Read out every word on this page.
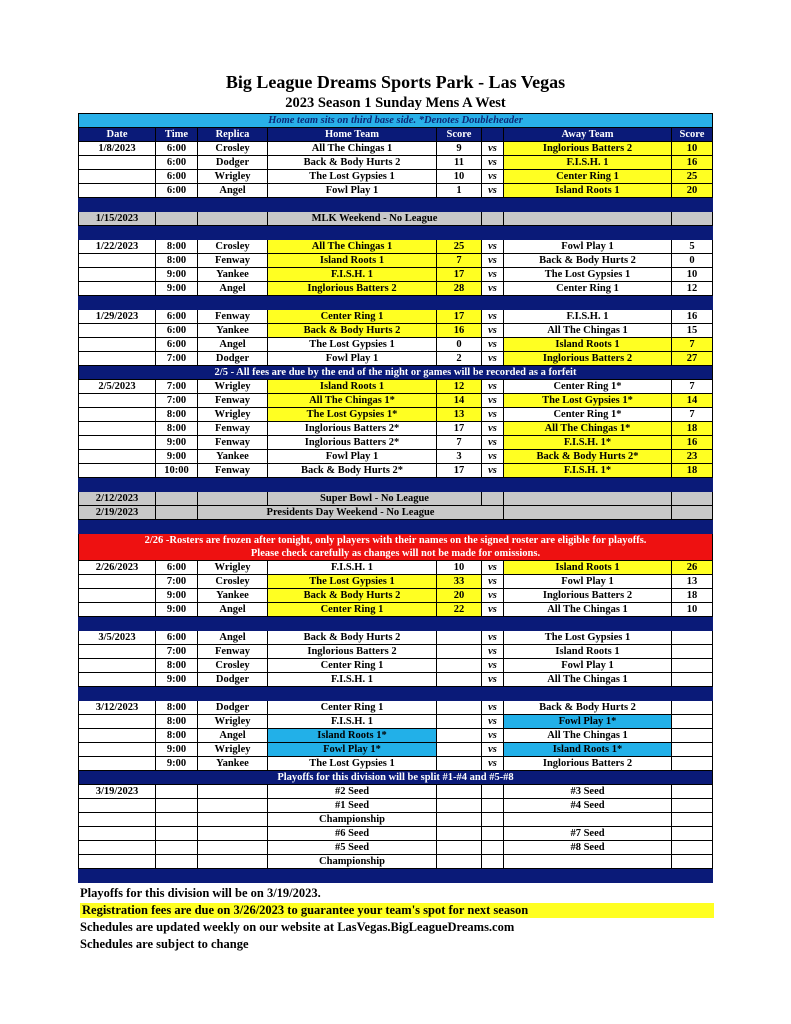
Big League Dreams Sports Park - Las Vegas
2023 Season 1 Sunday Mens A West
Home team sits on third base side. *Denotes Doubleheader							
Date	Time	Replica	Home Team	Score		Away Team	Score
1/8/2023	6:00	Crosley	All The Chingas 1	9	vs	Inglorious Batters 2	10
	6:00	Dodger	Back & Body Hurts 2	11	vs	F.I.S.H. 1	16
	6:00	Wrigley	The Lost Gypsies 1	10	vs	Center Ring 1	25
	6:00	Angel	Fowl Play 1	1	vs	Island Roots 1	20

1/15/2023			MLK Weekend - No League				

1/22/2023	8:00	Crosley	All The Chingas 1	25	vs	Fowl Play 1	5
	8:00	Fenway	Island Roots 1	7	vs	Back & Body Hurts 2	0
	9:00	Yankee	F.I.S.H. 1	17	vs	The Lost Gypsies 1	10
	9:00	Angel	Inglorious Batters 2	28	vs	Center Ring 1	12

1/29/2023	6:00	Fenway	Center Ring 1	17	vs	F.I.S.H. 1	16
	6:00	Yankee	Back & Body Hurts 2	16	vs	All The Chingas 1	15
	6:00	Angel	The Lost Gypsies 1	0	vs	Island Roots 1	7
	7:00	Dodger	Fowl Play 1	2	vs	Inglorious Batters 2	27
2/5 - All fees are due by the end of the night or games will be recorded as a forfeit							
2/5/2023	7:00	Wrigley	Island Roots 1	12	vs	Center Ring 1*	7
	7:00	Fenway	All The Chingas 1*	14	vs	The Lost Gypsies 1*	14
	8:00	Wrigley	The Lost Gypsies 1*	13	vs	Center Ring 1*	7
	8:00	Fenway	Inglorious Batters 2*	17	vs	All The Chingas 1*	18
	9:00	Fenway	Inglorious Batters 2*	7	vs	F.I.S.H. 1*	16
	9:00	Yankee	Fowl Play 1	3	vs	Back & Body Hurts 2*	23
	10:00	Fenway	Back & Body Hurts 2*	17	vs	F.I.S.H. 1*	18

2/12/2023			Super Bowl - No League				
2/19/2023		Presidents Day Weekend - No League					

2/26 -Rosters are frozen after tonight, only players with their names on the signed roster are eligible for playoffs.
Please check carefully as changes will not be made for omissions.							

2/26/2023	6:00	Wrigley	F.I.S.H. 1	10	vs	Island Roots 1	26
	7:00	Crosley	The Lost Gypsies 1	33	vs	Fowl Play 1	13
	9:00	Yankee	Back & Body Hurts 2	20	vs	Inglorious Batters 2	18
	9:00	Angel	Center Ring 1	22	vs	All The Chingas 1	10

3/5/2023	6:00	Angel	Back & Body Hurts 2		vs	The Lost Gypsies 1	
	7:00	Fenway	Inglorious Batters 2		vs	Island Roots 1	
	8:00	Crosley	Center Ring 1		vs	Fowl Play 1	
	9:00	Dodger	F.I.S.H. 1		vs	All The Chingas 1	

3/12/2023	8:00	Dodger	Center Ring 1		vs	Back & Body Hurts 2	
	8:00	Wrigley	F.I.S.H. 1		vs	Fowl Play 1*	
	8:00	Angel	Island Roots 1*		vs	All The Chingas 1	
	9:00	Wrigley	Fowl Play 1*		vs	Island Roots 1*	
	9:00	Yankee	The Lost Gypsies 1		vs	Inglorious Batters 2	
Playoffs for this division will be split #1-#4 and #5-#8							
3/19/2023			#2 Seed			#3 Seed	
			#1 Seed			#4 Seed	
			Championship				
			#6 Seed			#7 Seed	
			#5 Seed			#8 Seed	
			Championship				

Playoffs for this division will be on 3/19/2023.
Registration fees are due on 3/26/2023 to guarantee your team's spot for next season
Schedules are updated weekly on our website at LasVegas.BigLeagueDreams.com
Schedules are subject to change
